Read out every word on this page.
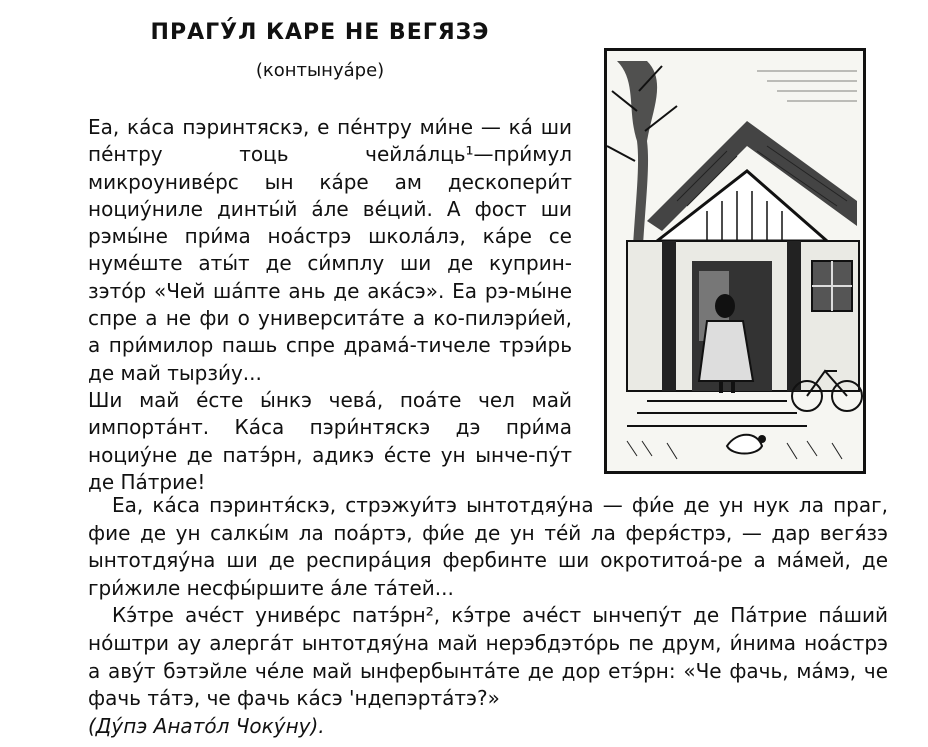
ПРАГУ́Л КАРЕ НЕ ВЕГЯЗЭ
(контынуа́ре)

Еа, ка́са пэринтяскэ, е пе́нтру ми́не — ка́ ши пе́нтру тоць чейла́лць¹—при́мул микроунивéрс ын ка́ре ам дескопери́т ноциу́ниле динты́й а́ле ве́ций. А фост ши рэмы́не при́ма ноа́стрэ школа́лэ, ка́ре се нуме́ште аты́т де си́мплу ши де куприн-зэто́р «Чей ша́пте ань де ака́сэ». Еа рэ-мы́не спре а не фи о университа́те а ко-пилэри́ей, а при́милор пашь спре драма́-тичеле трэи́рь де май тырзи́у...

Ши май е́сте ы́нкэ чева́, поа́те чел май импорта́нт. Ка́са пэри́нтяскэ дэ при́ма ноциу́не де патэ́рн, адикэ е́сте ун ынче-пу́т де Па́трие!

Еа, ка́са пэринтя́скэ, стрэжуи́тэ ынтотдяу́на — фи́е де ун нук ла праг, фие де ун салкы́м ла поа́ртэ, фи́е де ун те́й ла феря́стрэ, — дар вегя́зэ ынтотдяу́на ши де респира́ция фербинте ши окротитоа́-ре а ма́мей, де гри́жиле несфы́ршите а́ле та́тей...

Кэ́тре аче́ст униве́рс патэ́рн², кэ́тре аче́ст ынчепу́т де Па́трие па́ший но́штри ау алерга́т ынтотдяу́на май нерэбдэто́рь пе друм, и́нима ноа́стрэ а аву́т бэтэйле че́ле май ынфербынта́те де дор етэ́рн: «Че фачь, ма́мэ, че фачь та́тэ, че фачь ка́сэ 'ндепэрта́тэ?»

(Ду́пэ Анато́л Чоку́ну).
